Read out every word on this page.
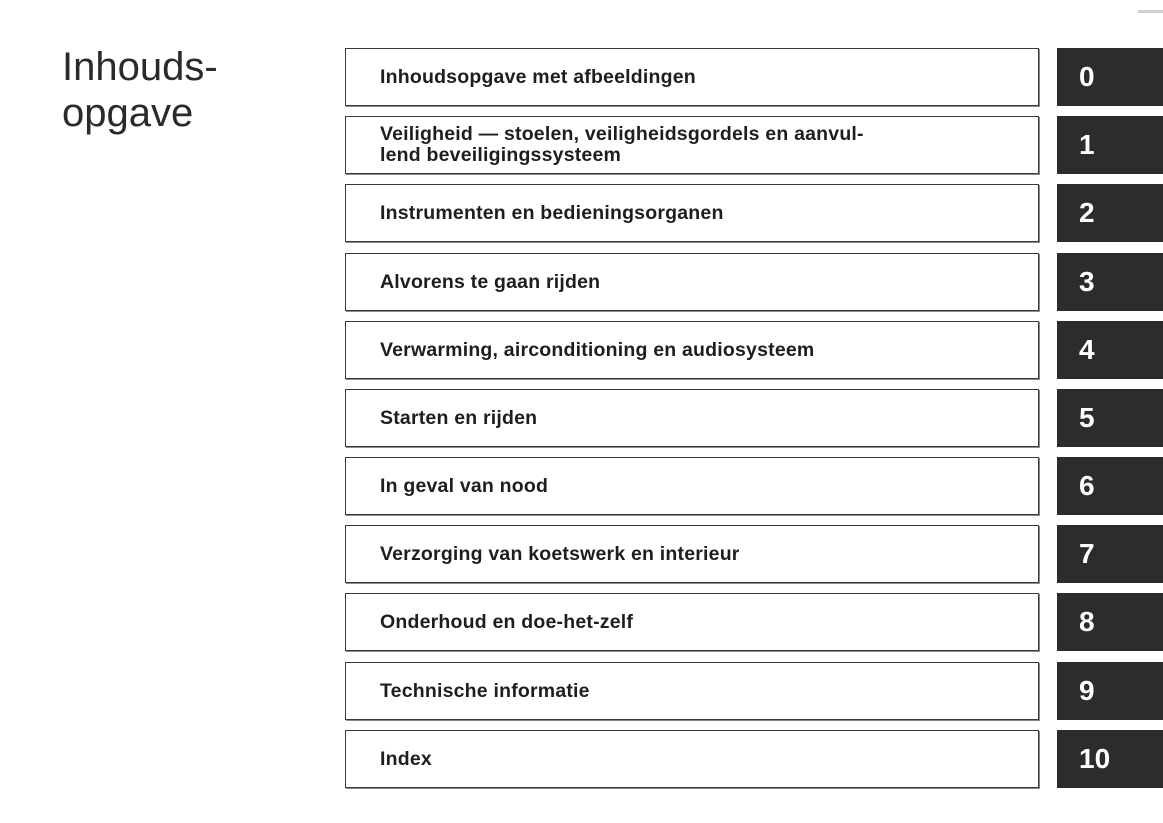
Inhouds-
opgave
Inhoudsopgave met afbeeldingen	0
Veiligheid — stoelen, veiligheidsgordels en aanvul-
lend beveiligingssysteem	1
Instrumenten en bedieningsorganen	2
Alvorens te gaan rijden	3
Verwarming, airconditioning en audiosysteem	4
Starten en rijden	5
In geval van nood	6
Verzorging van koetswerk en interieur	7
Onderhoud en doe-het-zelf	8
Technische informatie	9
Index	10
